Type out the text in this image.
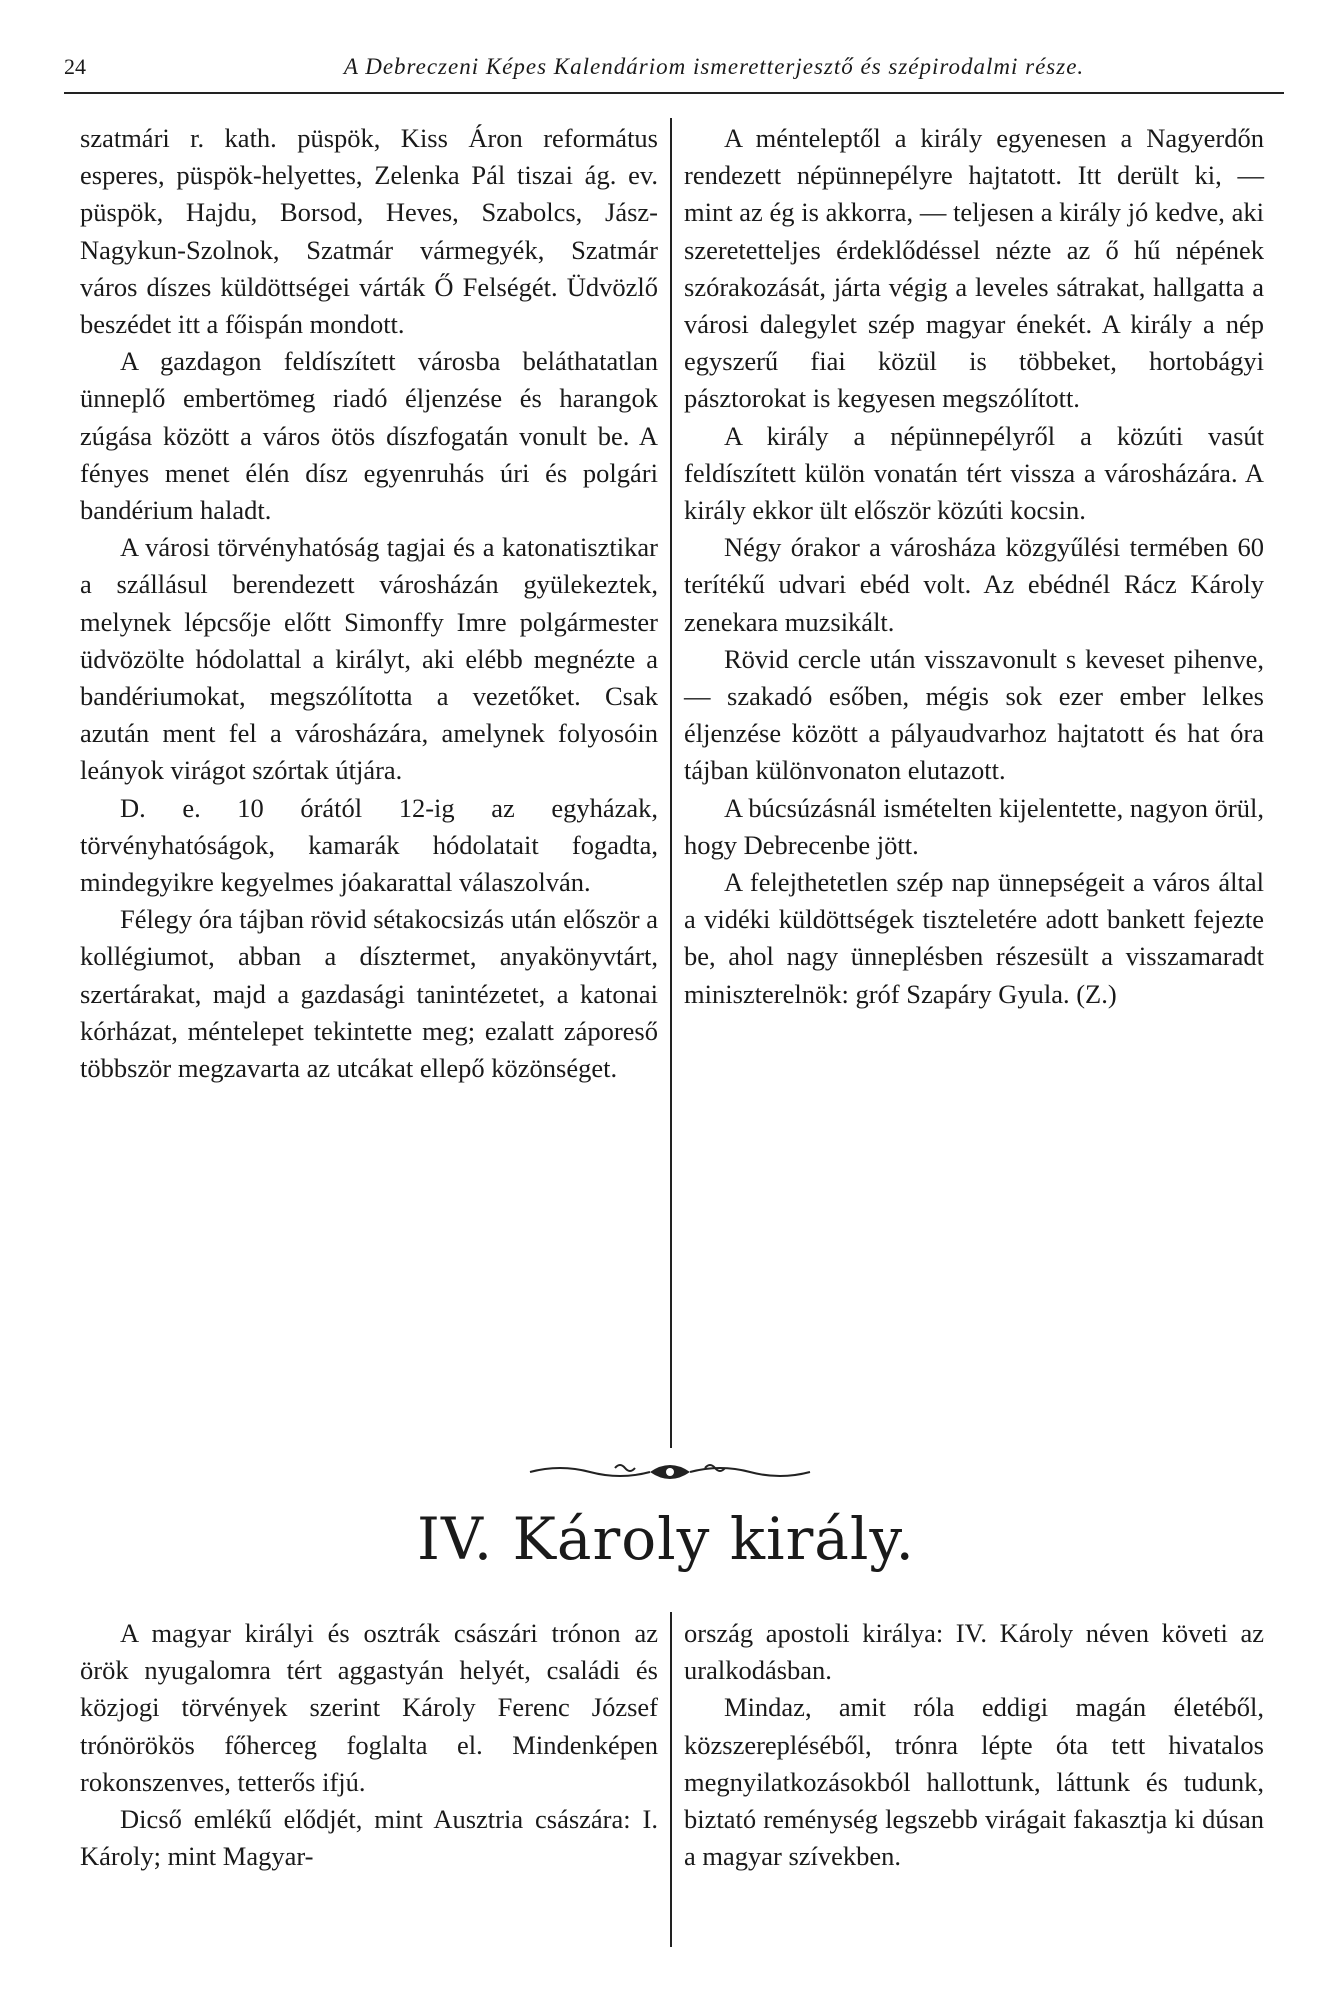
24	A Debreczeni Képes Kalendáriom ismeretterjesztő és szépirodalmi része.

szatmári r. kath. püspök, Kiss Áron református esperes, püspök-helyettes, Zelenka Pál tiszai ág. ev. püspök, Hajdu, Borsod, Heves, Szabolcs, Jász-Nagykun-Szolnok, Szatmár vármegyék, Szatmár város díszes küldöttségei várták Ő Felségét. Üdvözlő beszédet itt a főispán mondott.

A gazdagon feldíszített városba beláthatatlan ünneplő embertömeg riadó éljenzése és harangok zúgása között a város ötös díszfogatán vonult be. A fényes menet élén dísz egyenruhás úri és polgári bandérium haladt.

A városi törvényhatóság tagjai és a katonatisztikar a szállásul berendezett városházán gyülekeztek, melynek lépcsője előtt Simonffy Imre polgármester üdvözölte hódolattal a királyt, aki elébb megnézte a bandériumokat, megszólította a vezetőket. Csak azután ment fel a városházára, amelynek folyosóin leányok virágot szórtak útjára.

D. e. 10 órától 12-ig az egyházak, törvényhatóságok, kamarák hódolatait fogadta, mindegyikre kegyelmes jóakarattal válaszolván.

Félegy óra tájban rövid sétakocsizás után először a kollégiumot, abban a dísztermet, anyakönyvtárt, szertárakat, majd a gazdasági tanintézetet, a katonai kórházat, méntelepet tekintette meg; ezalatt záporeső többször megzavarta az utcákat ellepő közönséget.

A ménteleptől a király egyenesen a Nagyerdőn rendezett népünnepélyre hajtatott. Itt derült ki, — mint az ég is akkorra, — teljesen a király jó kedve, aki szeretetteljes érdeklődéssel nézte az ő hű népének szórakozását, járta végig a leveles sátrakat, hallgatta a városi dalegylet szép magyar énekét. A király a nép egyszerű fiai közül is többeket, hortobágyi pásztorokat is kegyesen megszólított.

A király a népünnepélyről a közúti vasút feldíszített külön vonatán tért vissza a városházára. A király ekkor ült először közúti kocsin.

Négy órakor a városháza közgyűlési termében 60 terítékű udvari ebéd volt. Az ebédnél Rácz Károly zenekara muzsikált.

Rövid cercle után visszavonult s keveset pihenve, — szakadó esőben, mégis sok ezer ember lelkes éljenzése között a pályaudvarhoz hajtatott és hat óra tájban különvonaton elutazott.

A búcsúzásnál ismételten kijelentette, nagyon örül, hogy Debrecenbe jött.

A felejthetetlen szép nap ünnepségeit a város által a vidéki küldöttségek tiszteletére adott bankett fejezte be, ahol nagy ünneplésben részesült a visszamaradt miniszterelnök: gróf Szapáry Gyula. (Z.)

IV. Károly király.

A magyar királyi és osztrák császári trónon az örök nyugalomra tért aggastyán helyét, családi és közjogi törvények szerint Károly Ferenc József trónörökös főherceg foglalta el. Mindenképen rokonszenves, tetterős ifjú.

Dicső emlékű elődjét, mint Ausztria császára: I. Károly; mint Magyar-

ország apostoli királya: IV. Károly néven követi az uralkodásban.

Mindaz, amit róla eddigi magán életéből, közszerepléséből, trónra lépte óta tett hivatalos megnyilatkozásokból hallottunk, láttunk és tudunk, biztató reménység legszebb virágait fakasztja ki dúsan a magyar szívekben.
